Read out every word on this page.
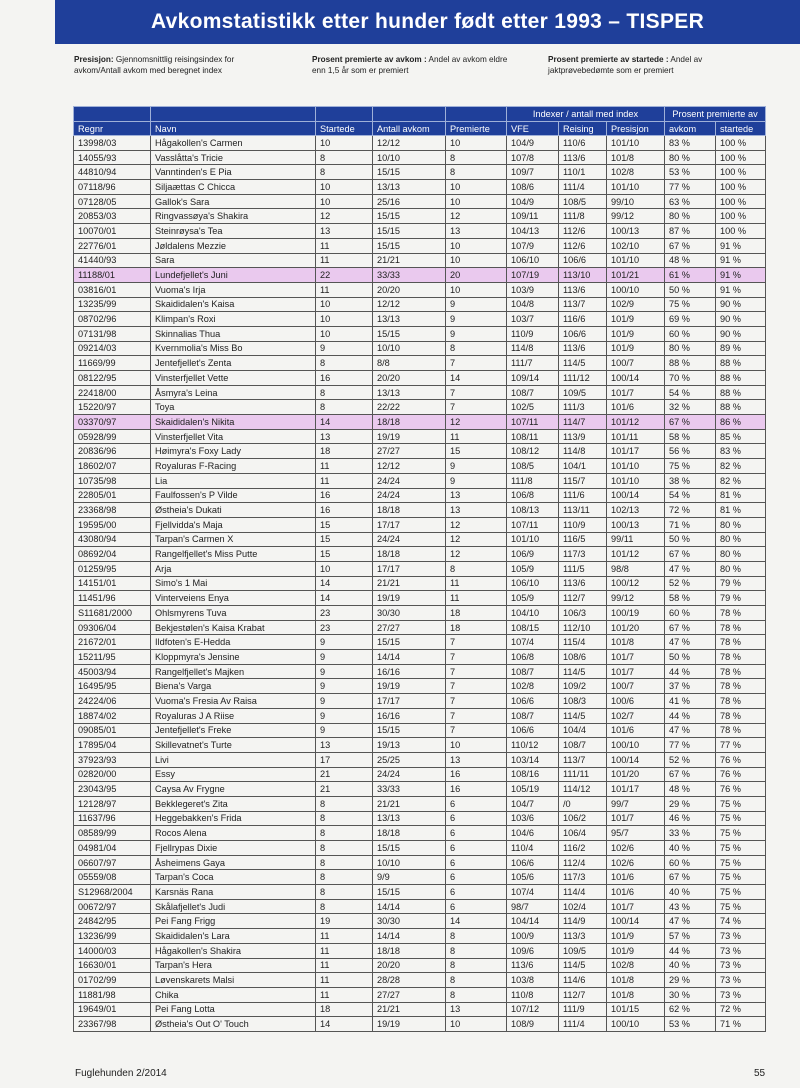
Avkomstatistikk etter hunder født etter 1993 – TISPER
Presisjon: Gjennomsnittlig reisingsindex for avkom/Antall avkom med beregnet index
Prosent premierte av avkom : Andel av avkom eldre enn 1,5 år som er premiert
Prosent premierte av startede : Andel av jaktprøvebedømte som er premiert
					Indexer / antall med index			Prosent premierte av	
Regnr	Navn	Startede	Antall avkom	Premierte	VFE	Reising	Presisjon	avkom	startede
13998/03	Hågakollen's Carmen	10	12/12	10	104/9	110/6	101/10	83 %	100 %
14055/93	Vasslåtta's Tricie	8	10/10	8	107/8	113/6	101/8	80 %	100 %
44810/94	Vanntinden's E Pia	8	15/15	8	109/7	110/1	102/8	53 %	100 %
07118/96	Siljaættas C Chicca	10	13/13	10	108/6	111/4	101/10	77 %	100 %
07128/05	Gallok's Sara	10	25/16	10	104/9	108/5	99/10	63 %	100 %
20853/03	Ringvassøya's Shakira	12	15/15	12	109/11	111/8	99/12	80 %	100 %
10070/01	Steinrøysa's Tea	13	15/15	13	104/13	112/6	100/13	87 %	100 %
22776/01	Jøldalens Mezzie	11	15/15	10	107/9	112/6	102/10	67 %	91 %
41440/93	Sara	11	21/21	10	106/10	106/6	101/10	48 %	91 %
11188/01	Lundefjellet's Juni	22	33/33	20	107/19	113/10	101/21	61 %	91 %
03816/01	Vuoma's Irja	11	20/20	10	103/9	113/6	100/10	50 %	91 %
13235/99	Skaididalen's Kaisa	10	12/12	9	104/8	113/7	102/9	75 %	90 %
08702/96	Klimpan's Roxi	10	13/13	9	103/7	116/6	101/9	69 %	90 %
07131/98	Skinnalias Thua	10	15/15	9	110/9	106/6	101/9	60 %	90 %
09214/03	Kvernmolia's Miss Bo	9	10/10	8	114/8	113/6	101/9	80 %	89 %
11669/99	Jentefjellet's Zenta	8	8/8	7	111/7	114/5	100/7	88 %	88 %
08122/95	Vinsterfjellet Vette	16	20/20	14	109/14	111/12	100/14	70 %	88 %
22418/00	Åsmyra's Leina	8	13/13	7	108/7	109/5	101/7	54 %	88 %
15220/97	Toya	8	22/22	7	102/5	111/3	101/6	32 %	88 %
03370/97	Skaididalen's Nikita	14	18/18	12	107/11	114/7	101/12	67 %	86 %
05928/99	Vinsterfjellet Vita	13	19/19	11	108/11	113/9	101/11	58 %	85 %
20836/96	Høimyra's Foxy Lady	18	27/27	15	108/12	114/8	101/17	56 %	83 %
18602/07	Royaluras F-Racing	11	12/12	9	108/5	104/1	101/10	75 %	82 %
10735/98	Lia	11	24/24	9	111/8	115/7	101/10	38 %	82 %
22805/01	Faulfossen's P Vilde	16	24/24	13	106/8	111/6	100/14	54 %	81 %
23368/98	Østheia's Dukati	16	18/18	13	108/13	113/11	102/13	72 %	81 %
19595/00	Fjellvidda's Maja	15	17/17	12	107/11	110/9	100/13	71 %	80 %
43080/94	Tarpan's Carmen X	15	24/24	12	101/10	116/5	99/11	50 %	80 %
08692/04	Rangelfjellet's Miss Putte	15	18/18	12	106/9	117/3	101/12	67 %	80 %
01259/95	Arja	10	17/17	8	105/9	111/5	98/8	47 %	80 %
14151/01	Simo's 1 Mai	14	21/21	11	106/10	113/6	100/12	52 %	79 %
11451/96	Vinterveiens Enya	14	19/19	11	105/9	112/7	99/12	58 %	79 %
S11681/2000	Ohlsmyrens Tuva	23	30/30	18	104/10	106/3	100/19	60 %	78 %
09306/04	Bekjestølen's Kaisa Krabat	23	27/27	18	108/15	112/10	101/20	67 %	78 %
21672/01	Ildfoten's E-Hedda	9	15/15	7	107/4	115/4	101/8	47 %	78 %
15211/95	Kloppmyra's Jensine	9	14/14	7	106/8	108/6	101/7	50 %	78 %
45003/94	Rangelfjellet's Majken	9	16/16	7	108/7	114/5	101/7	44 %	78 %
16495/95	Biena's Varga	9	19/19	7	102/8	109/2	100/7	37 %	78 %
24224/06	Vuoma's Fresia Av Raisa	9	17/17	7	106/6	108/3	100/6	41 %	78 %
18874/02	Royaluras J A Riise	9	16/16	7	108/7	114/5	102/7	44 %	78 %
09085/01	Jentefjellet's Freke	9	15/15	7	106/6	104/4	101/6	47 %	78 %
17895/04	Skillevatnet's Turte	13	19/13	10	110/12	108/7	100/10	77 %	77 %
37923/93	Livi	17	25/25	13	103/14	113/7	100/14	52 %	76 %
02820/00	Essy	21	24/24	16	108/16	111/11	101/20	67 %	76 %
23043/95	Caysa Av Frygne	21	33/33	16	105/19	114/12	101/17	48 %	76 %
12128/97	Bekklegeret's Zita	8	21/21	6	104/7	/0	99/7	29 %	75 %
11637/96	Heggebakken's Frida	8	13/13	6	103/6	106/2	101/7	46 %	75 %
08589/99	Rocos Alena	8	18/18	6	104/6	106/4	95/7	33 %	75 %
04981/04	Fjellrypas Dixie	8	15/15	6	110/4	116/2	102/6	40 %	75 %
06607/97	Åsheimens Gaya	8	10/10	6	106/6	112/4	102/6	60 %	75 %
05559/08	Tarpan's Coca	8	9/9	6	105/6	117/3	101/6	67 %	75 %
S12968/2004	Karsnäs Rana	8	15/15	6	107/4	114/4	101/6	40 %	75 %
00672/97	Skålafjellet's Judi	8	14/14	6	98/7	102/4	101/7	43 %	75 %
24842/95	Pei Fang Frigg	19	30/30	14	104/14	114/9	100/14	47 %	74 %
13236/99	Skaididalen's Lara	11	14/14	8	100/9	113/3	101/9	57 %	73 %
14000/03	Hågakollen's Shakira	11	18/18	8	109/6	109/5	101/9	44 %	73 %
16630/01	Tarpan's Hera	11	20/20	8	113/6	114/5	102/8	40 %	73 %
01702/99	Løvenskarets Malsi	11	28/28	8	103/8	114/6	101/8	29 %	73 %
11881/98	Chika	11	27/27	8	110/8	112/7	101/8	30 %	73 %
19649/01	Pei Fang Lotta	18	21/21	13	107/12	111/9	101/15	62 %	72 %
23367/98	Østheia's Out O' Touch	14	19/19	10	108/9	111/4	100/10	53 %	71 %
Fuglehunden 2/2014	55
